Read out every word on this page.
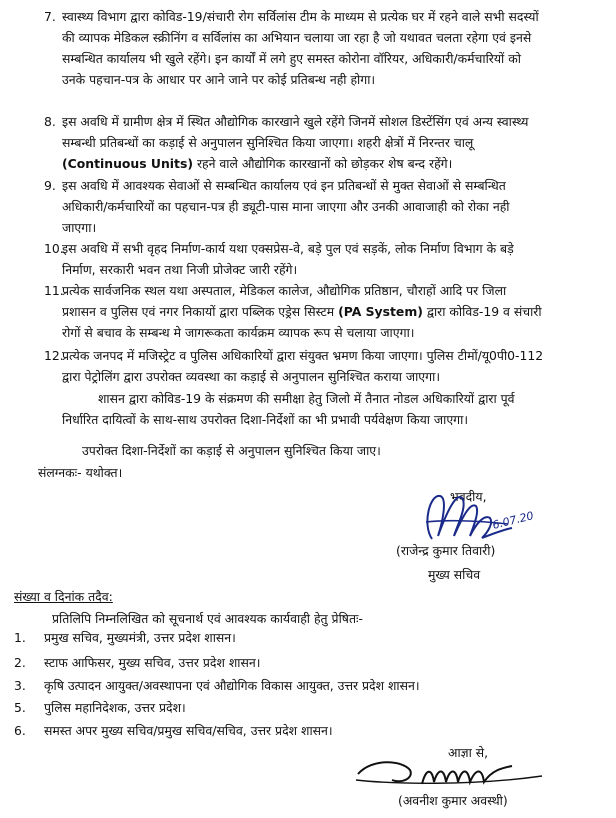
7. स्वास्थ्य विभाग द्वारा कोविड-19/संचारी रोग सर्विलांस टीम के माध्यम से प्रत्येक घर में रहने वाले सभी सदस्यों
की व्यापक मेडिकल स्क्रीनिंग व सर्विलांस का अभियान चलाया जा रहा है जो यथावत चलता रहेगा एवं इनसे
सम्बन्धित कार्यालय भी खुले रहेंगे। इन कार्यों में लगे हुए समस्त कोरोना वॉरियर, अधिकारी/कर्मचारियों को
उनके पहचान-पत्र के आधार पर आने जाने पर कोई प्रतिबन्ध नही होगा।
8. इस अवधि में ग्रामीण क्षेत्र में स्थित औद्योगिक कारखाने खुले रहेंगे जिनमें सोशल डिस्टेंसिंग एवं अन्य स्वास्थ्य
सम्बन्धी प्रतिबन्धों का कड़ाई से अनुपालन सुनिश्चित किया जाएगा। शहरी क्षेत्रों में निरन्तर चालू
(Continuous Units) रहने वाले औद्योगिक कारखानों को छोड़कर शेष बन्द रहेंगे।
9. इस अवधि में आवश्यक सेवाओं से सम्बन्धित कार्यालय एवं इन प्रतिबन्धों से मुक्त सेवाओं से सम्बन्धित
अधिकारी/कर्मचारियों का पहचान-पत्र ही ड्यूटी-पास माना जाएगा और उनकी आवाजाही को रोका नही
जाएगा।
10.
इस अवधि में सभी वृहद निर्माण-कार्य यथा एक्सप्रेस-वे, बड़े पुल एवं सड़कें, लोक निर्माण विभाग के बड़े
निर्माण, सरकारी भवन तथा निजी प्रोजेक्ट जारी रहेंगे।
11.
प्रत्येक सार्वजनिक स्थल यथा अस्पताल, मेडिकल कालेज, औद्योगिक प्रतिष्ठान, चौराहों आदि पर जिला
प्रशासन व पुलिस एवं नगर निकायों द्वारा पब्लिक एड्रेस सिस्टम (PA System) द्वारा कोविड-19 व संचारी
रोगों से बचाव के सम्बन्ध मे जागरूकता कार्यक्रम व्यापक रूप से चलाया जाएगा।
12.
प्रत्येक जनपद में मजिस्ट्रेट व पुलिस अधिकारियों द्वारा संयुक्त भ्रमण किया जाएगा। पुलिस टीमों/यू0पी0-112
द्वारा पेट्रोलिंग द्वारा उपरोक्त व्यवस्था का कड़ाई से अनुपालन सुनिश्चित कराया जाएगा।
शासन द्वारा कोविड-19 के संक्रमण की समीक्षा हेतु जिलो में तैनात नोडल अधिकारियों द्वारा पूर्व
निर्धारित दायित्वों के साथ-साथ उपरोक्त दिशा-निर्देशों का भी प्रभावी पर्यवेक्षण किया जाएगा।
उपरोक्त दिशा-निर्देशों का कड़ाई से अनुपालन सुनिश्चित किया जाए।
संलग्नकः- यथोक्त।
भवदीय,
6.07.20
(राजेन्द्र कुमार तिवारी)
मुख्य सचिव
संख्या व दिनांक तदैव:
प्रतिलिपि निम्नलिखित को सूचनार्थ एवं आवश्यक कार्यवाही हेतु प्रेषितः-
1.	प्रमुख सचिव, मुख्यमंत्री, उत्तर प्रदेश शासन।
2.	स्टाफ आफिसर, मुख्य सचिव, उत्तर प्रदेश शासन।
3.	कृषि उत्पादन आयुक्त/अवस्थापना एवं औद्योगिक विकास आयुक्त, उत्तर प्रदेश शासन।
5.	पुलिस महानिदेशक, उत्तर प्रदेश।
6.	समस्त अपर मुख्य सचिव/प्रमुख सचिव/सचिव, उत्तर प्रदेश शासन।
आज्ञा से,
(अवनीश कुमार अवस्थी)
